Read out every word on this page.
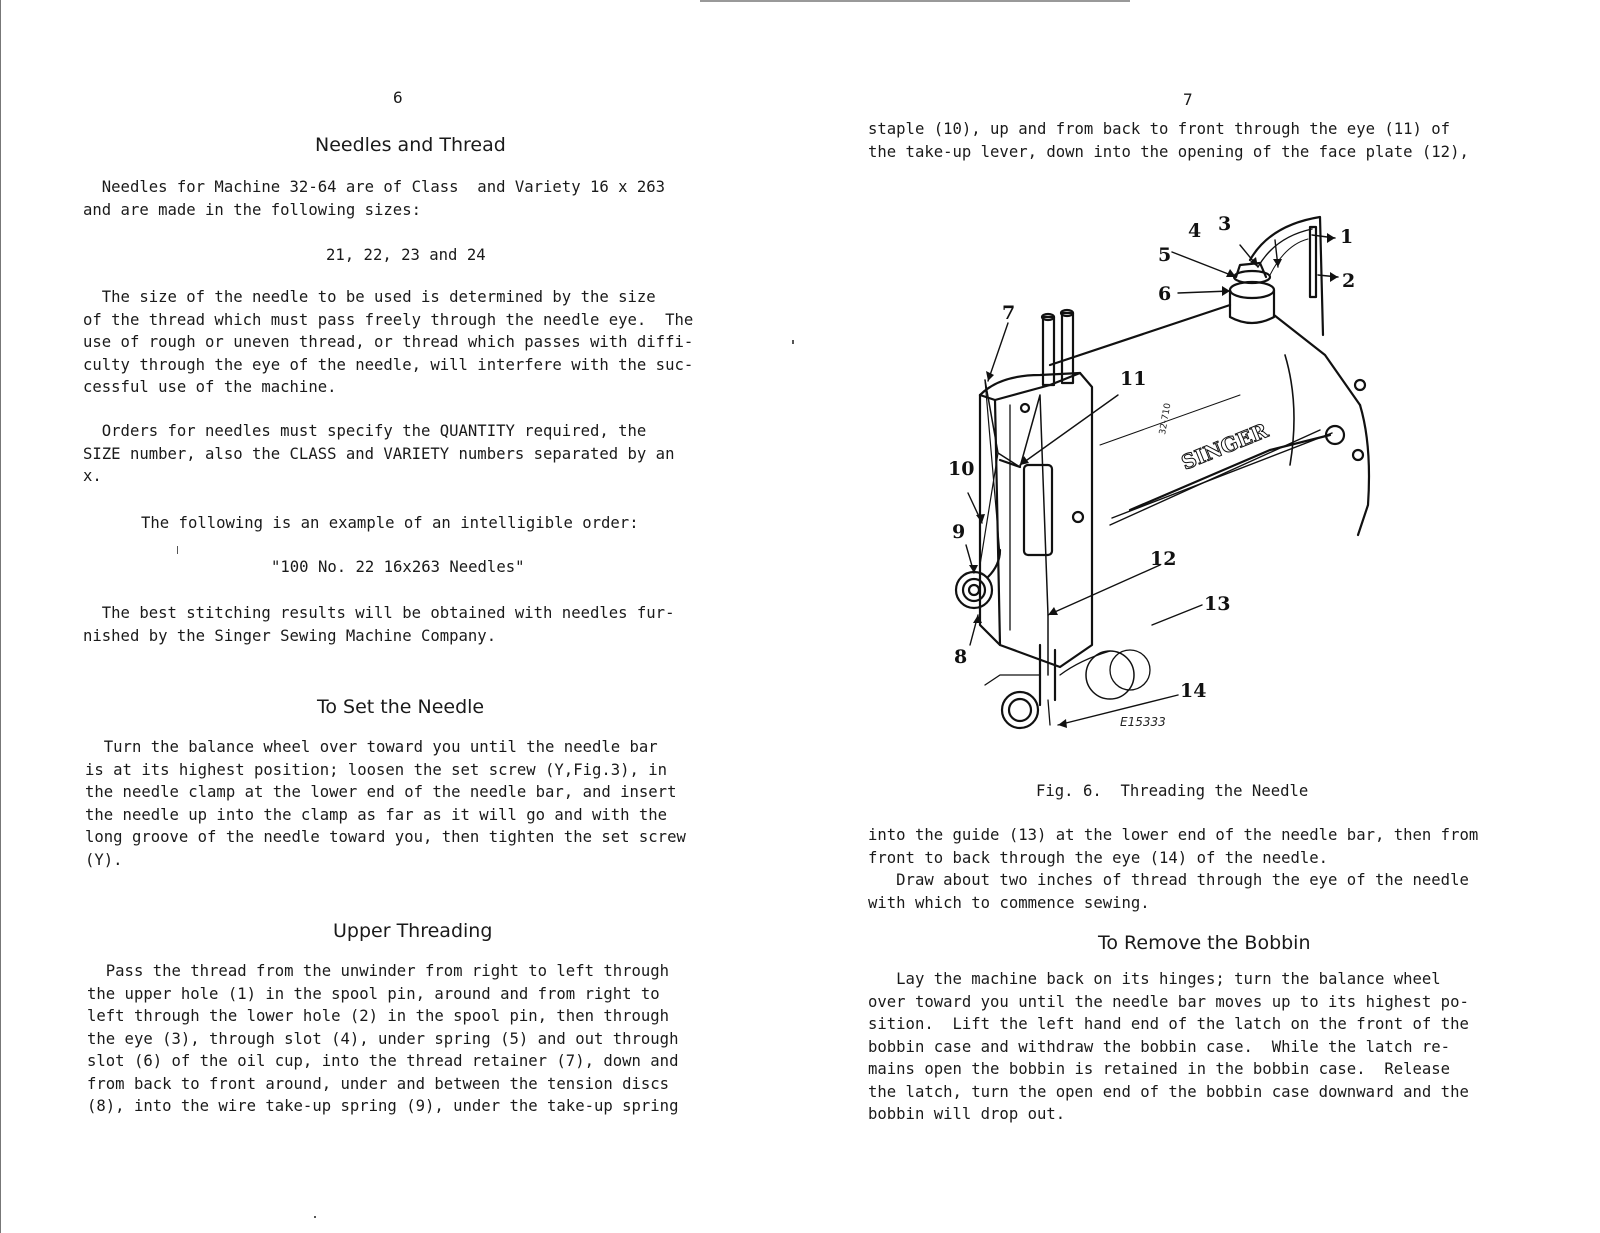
6
Needles and Thread

Needles for Machine 32-64 are of Class  and Variety 16 x 263
and are made in the following sizes:

21, 22, 23 and 24

The size of the needle to be used is determined by the size
of the thread which must pass freely through the needle eye.  The
use of rough or uneven thread, or thread which passes with diffi-
culty through the eye of the needle, will interfere with the suc-
cessful use of the machine.

Orders for needles must specify the QUANTITY required, the
SIZE number, also the CLASS and VARIETY numbers separated by an
x.

The following is an example of an intelligible order:

"100 No. 22 16x263 Needles"

The best stitching results will be obtained with needles fur-
nished by the Singer Sewing Machine Company.

To Set the Needle

Turn the balance wheel over toward you until the needle bar
is at its highest position; loosen the set screw (Y,Fig.3), in
the needle clamp at the lower end of the needle bar, and insert
the needle up into the clamp as far as it will go and with the
long groove of the needle toward you, then tighten the set screw
(Y).

Upper Threading

Pass the thread from the unwinder from right to left through
the upper hole (1) in the spool pin, around and from right to
left through the lower hole (2) in the spool pin, then through
the eye (3), through slot (4), under spring (5) and out through
slot (6) of the oil cup, into the thread retainer (7), down and
from back to front around, under and between the tension discs
(8), into the wire take-up spring (9), under the take-up spring

7

staple (10), up and from back to front through the eye (11) of
the take-up lever, down into the opening of the face plate (12),

4 3
1
2
5
6
7
11
10
9
12
13
8
14
E15333
SINGER
32-710

Fig. 6.  Threading the Needle

into the guide (13) at the lower end of the needle bar, then from
front to back through the eye (14) of the needle.
Draw about two inches of thread through the eye of the needle
with which to commence sewing.

To Remove the Bobbin

Lay the machine back on its hinges; turn the balance wheel
over toward you until the needle bar moves up to its highest po-
sition.  Lift the left hand end of the latch on the front of the
bobbin case and withdraw the bobbin case.  While the latch re-
mains open the bobbin is retained in the bobbin case.  Release
the latch, turn the open end of the bobbin case downward and the
bobbin will drop out.
